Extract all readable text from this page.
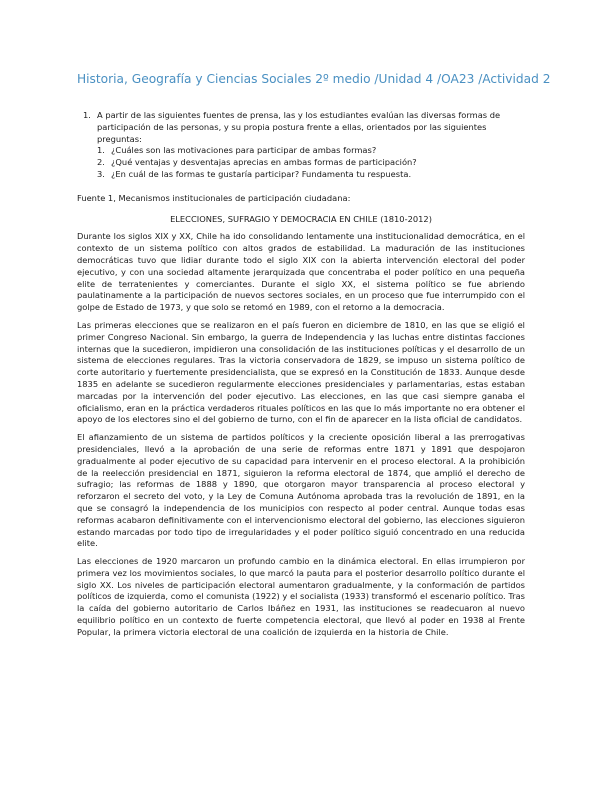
Historia, Geografía y Ciencias Sociales 2º medio /Unidad 4 /OA23 /Actividad 2
1. A partir de las siguientes fuentes de prensa, las y los estudiantes evalúan las diversas formas de participación de las personas, y su propia postura frente a ellas, orientados por las siguientes preguntas:
1. ¿Cuáles son las motivaciones para participar de ambas formas?
2. ¿Qué ventajas y desventajas aprecias en ambas formas de participación?
3. ¿En cuál de las formas te gustaría participar? Fundamenta tu respuesta.
Fuente 1, Mecanismos institucionales de participación ciudadana:
ELECCIONES, SUFRAGIO Y DEMOCRACIA EN CHILE (1810-2012)
Durante los siglos XIX y XX, Chile ha ido consolidando lentamente una institucionalidad democrática, en el contexto de un sistema político con altos grados de estabilidad. La maduración de las instituciones democráticas tuvo que lidiar durante todo el siglo XIX con la abierta intervención electoral del poder ejecutivo, y con una sociedad altamente jerarquizada que concentraba el poder político en una pequeña elite de terratenientes y comerciantes. Durante el siglo XX, el sistema político se fue abriendo paulatinamente a la participación de nuevos sectores sociales, en un proceso que fue interrumpido con el golpe de Estado de 1973, y que solo se retomó en 1989, con el retorno a la democracia.
Las primeras elecciones que se realizaron en el país fueron en diciembre de 1810, en las que se eligió el primer Congreso Nacional. Sin embargo, la guerra de Independencia y las luchas entre distintas facciones internas que la sucedieron, impidieron una consolidación de las instituciones políticas y el desarrollo de un sistema de elecciones regulares. Tras la victoria conservadora de 1829, se impuso un sistema político de corte autoritario y fuertemente presidencialista, que se expresó en la Constitución de 1833. Aunque desde 1835 en adelante se sucedieron regularmente elecciones presidenciales y parlamentarias, estas estaban marcadas por la intervención del poder ejecutivo. Las elecciones, en las que casi siempre ganaba el oficialismo, eran en la práctica verdaderos rituales políticos en las que lo más importante no era obtener el apoyo de los electores sino el del gobierno de turno, con el fin de aparecer en la lista oficial de candidatos.
El afianzamiento de un sistema de partidos políticos y la creciente oposición liberal a las prerrogativas presidenciales, llevó a la aprobación de una serie de reformas entre 1871 y 1891 que despojaron gradualmente al poder ejecutivo de su capacidad para intervenir en el proceso electoral. A la prohibición de la reelección presidencial en 1871, siguieron la reforma electoral de 1874, que amplió el derecho de sufragio; las reformas de 1888 y 1890, que otorgaron mayor transparencia al proceso electoral y reforzaron el secreto del voto, y la Ley de Comuna Autónoma aprobada tras la revolución de 1891, en la que se consagró la independencia de los municipios con respecto al poder central. Aunque todas esas reformas acabaron definitivamente con el intervencionismo electoral del gobierno, las elecciones siguieron estando marcadas por todo tipo de irregularidades y el poder político siguió concentrado en una reducida elite.
Las elecciones de 1920 marcaron un profundo cambio en la dinámica electoral. En ellas irrumpieron por primera vez los movimientos sociales, lo que marcó la pauta para el posterior desarrollo político durante el siglo XX. Los niveles de participación electoral aumentaron gradualmente, y la conformación de partidos políticos de izquierda, como el comunista (1922) y el socialista (1933) transformó el escenario político. Tras la caída del gobierno autoritario de Carlos Ibáñez en 1931, las instituciones se readecuaron al nuevo equilibrio político en un contexto de fuerte competencia electoral, que llevó al poder en 1938 al Frente Popular, la primera victoria electoral de una coalición de izquierda en la historia de Chile.
